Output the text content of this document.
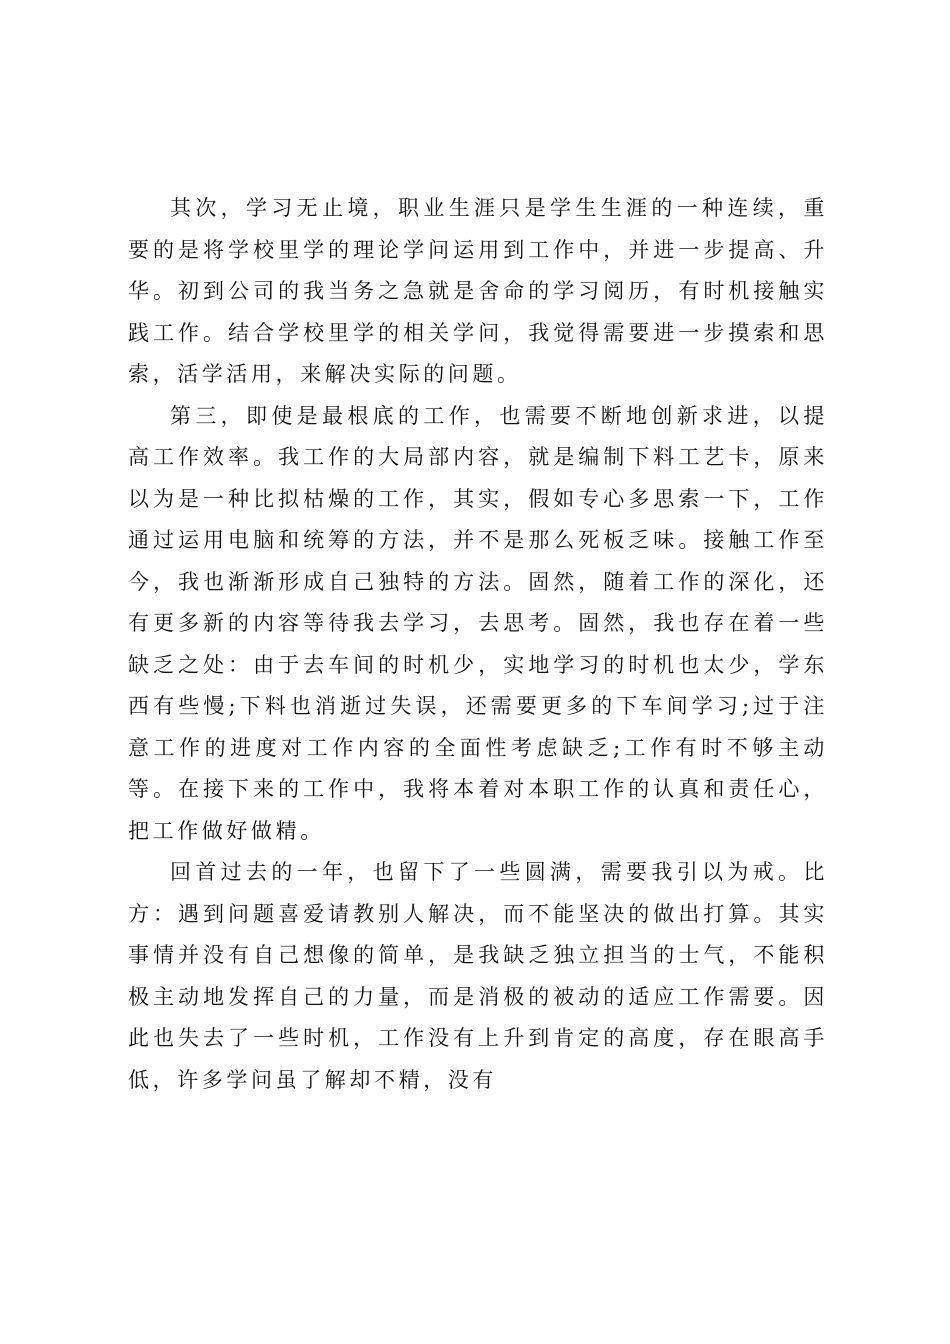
其次，学习无止境，职业生涯只是学生生涯的一种连续，重要的是将学校里学的理论学问运用到工作中，并进一步提高、升华。初到公司的我当务之急就是舍命的学习阅历，有时机接触实践工作。结合学校里学的相关学问，我觉得需要进一步摸索和思索，活学活用，来解决实际的问题。

第三，即使是最根底的工作，也需要不断地创新求进，以提高工作效率。我工作的大局部内容，就是编制下料工艺卡，原来以为是一种比拟枯燥的工作，其实，假如专心多思索一下，工作通过运用电脑和统筹的方法，并不是那么死板乏味。接触工作至今，我也渐渐形成自己独特的方法。固然，随着工作的深化，还有更多新的内容等待我去学习，去思考。固然，我也存在着一些缺乏之处：由于去车间的时机少，实地学习的时机也太少，学东西有些慢;下料也消逝过失误，还需要更多的下车间学习;过于注意工作的进度对工作内容的全面性考虑缺乏;工作有时不够主动等。在接下来的工作中，我将本着对本职工作的认真和责任心，把工作做好做精。

回首过去的一年，也留下了一些圆满，需要我引以为戒。比方：遇到问题喜爱请教别人解决，而不能坚决的做出打算。其实事情并没有自己想像的简单，是我缺乏独立担当的士气，不能积极主动地发挥自己的力量，而是消极的被动的适应工作需要。因此也失去了一些时机，工作没有上升到肯定的高度，存在眼高手低，许多学问虽了解却不精，没有
